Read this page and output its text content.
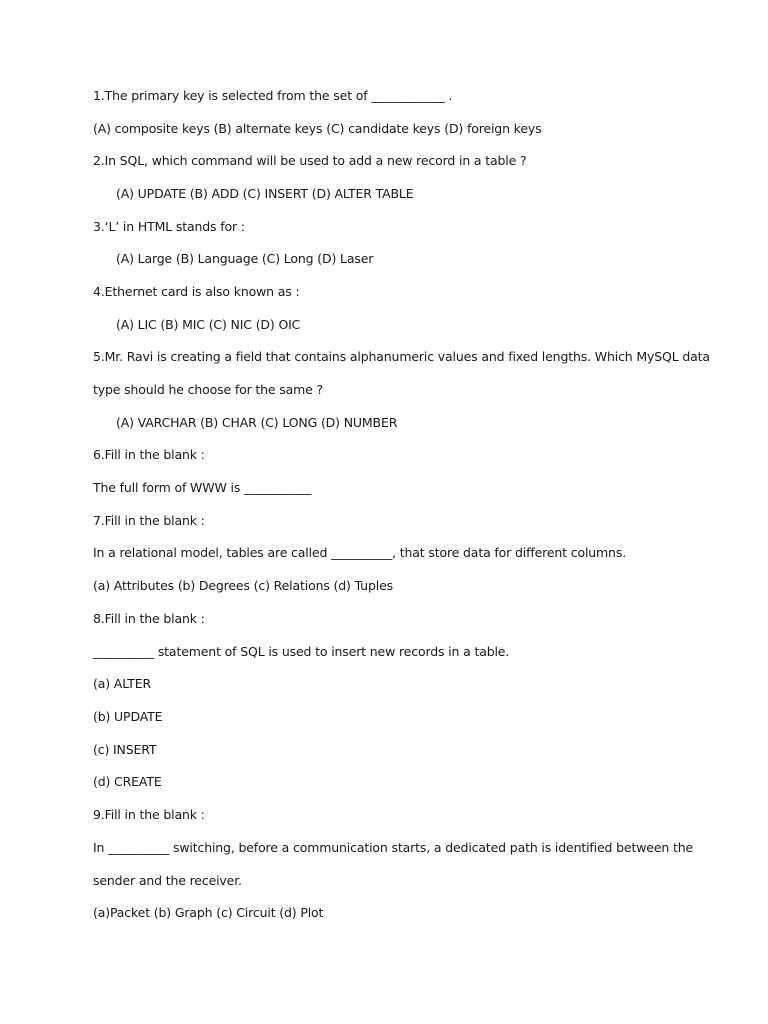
1.The primary key is selected from the set of ____________ .
(A) composite keys (B) alternate keys (C) candidate keys (D) foreign keys
2.In SQL, which command will be used to add a new record in a table ?
(A) UPDATE (B) ADD (C) INSERT (D) ALTER TABLE
3.‘L’ in HTML stands for :
(A) Large (B) Language (C) Long (D) Laser
4.Ethernet card is also known as :
(A) LIC (B) MIC (C) NIC (D) OIC
5.Mr. Ravi is creating a field that contains alphanumeric values and fixed lengths. Which MySQL data
type should he choose for the same ?
(A) VARCHAR (B) CHAR (C) LONG (D) NUMBER
6.Fill in the blank :
The full form of WWW is ___________
7.Fill in the blank :
In a relational model, tables are called __________, that store data for different columns.
(a) Attributes (b) Degrees (c) Relations (d) Tuples
8.Fill in the blank :
__________ statement of SQL is used to insert new records in a table.
(a) ALTER
(b) UPDATE
(c) INSERT
(d) CREATE
9.Fill in the blank :
In __________ switching, before a communication starts, a dedicated path is identified between the
sender and the receiver.
(a)Packet (b) Graph (c) Circuit (d) Plot
